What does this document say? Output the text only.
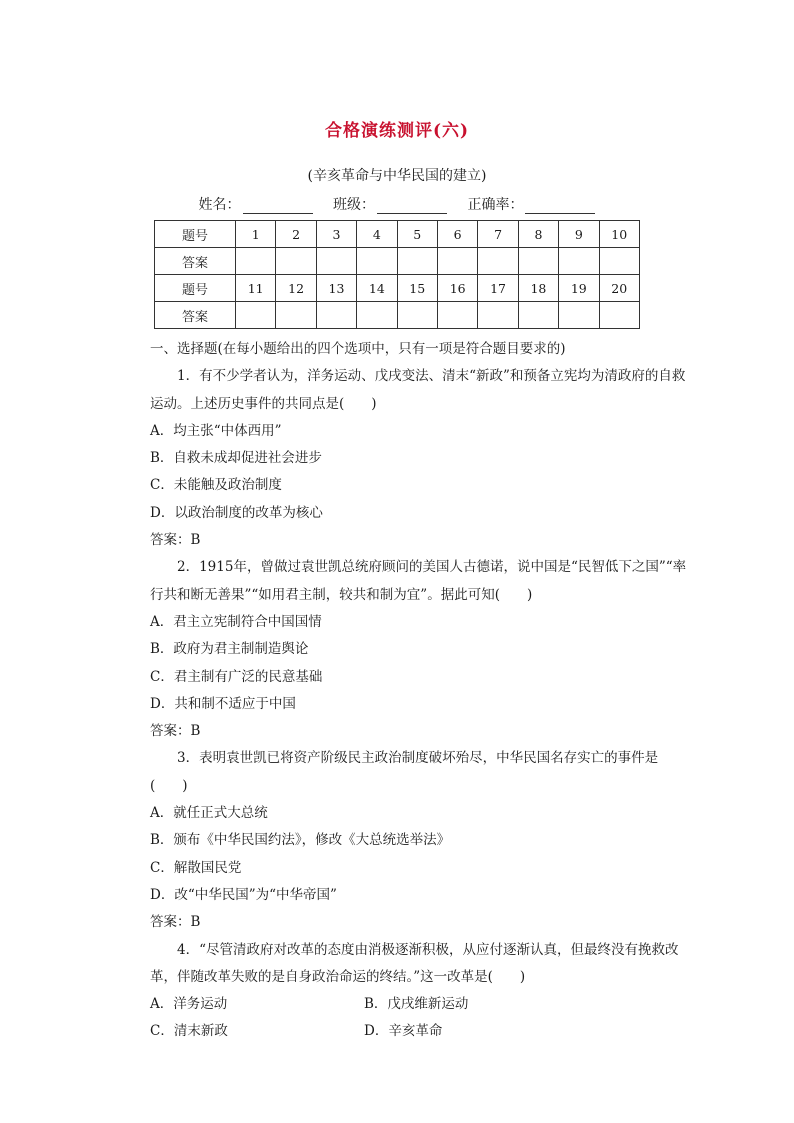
合格演练测评(六)
(辛亥革命与中华民国的建立)
姓名：	班级：	正确率：
题号	1	2	3	4	5	6	7	8	9	10
答案										
题号	11	12	13	14	15	16	17	18	19	20
答案										

一、选择题(在每小题给出的四个选项中，只有一项是符合题目要求的)

1．有不少学者认为，洋务运动、戊戌变法、清末“新政”和预备立宪均为清政府的自救运动。上述历史事件的共同点是(　　)

A．均主张“中体西用”

B．自救未成却促进社会进步

C．未能触及政治制度

D．以政治制度的改革为核心

答案：B

2．1915年，曾做过袁世凯总统府顾问的美国人古德诺，说中国是“民智低下之国”“率行共和断无善果”“如用君主制，较共和制为宜”。据此可知(　　)

A．君主立宪制符合中国国情

B．政府为君主制制造舆论

C．君主制有广泛的民意基础

D．共和制不适应于中国

答案：B

3．表明袁世凯已将资产阶级民主政治制度破坏殆尽，中华民国名存实亡的事件是(　　)

A．就任正式大总统

B．颁布《中华民国约法》，修改《大总统选举法》

C．解散国民党

D．改“中华民国”为“中华帝国”

答案：B

4．“尽管清政府对改革的态度由消极逐渐积极，从应付逐渐认真，但最终没有挽救改革，伴随改革失败的是自身政治命运的终结。”这一改革是(　　)

A．洋务运动	B．戊戌维新运动

C．清末新政	D．辛亥革命
